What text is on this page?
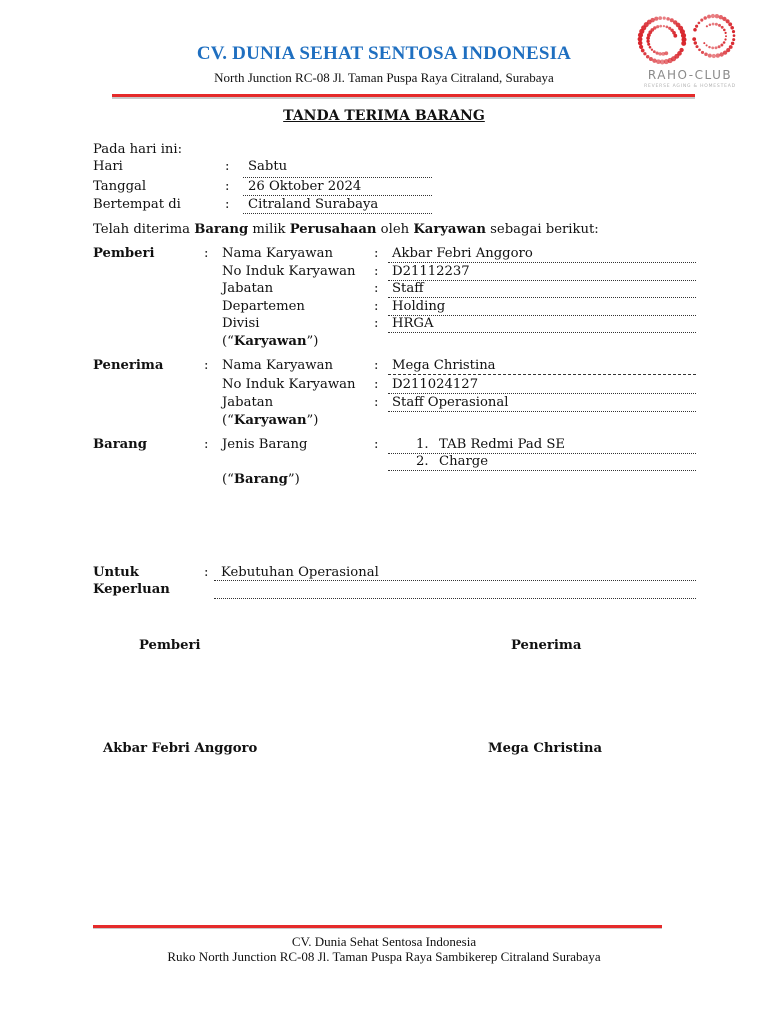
CV. DUNIA SEHAT SENTOSA INDONESIA
North Junction RC-08 Jl. Taman Puspa Raya Citraland, Surabaya	RAHO-CLUB
REVERSE AGING & HOMESTEAD
TANDA TERIMA BARANG
Pada hari ini:
Hari	: Sabtu
Tanggal	: 26 Oktober 2024
Bertempat di	: Citraland Surabaya
Telah diterima Barang milik Perusahaan oleh Karyawan sebagai berikut:
Pemberi	: Nama Karyawan	: Akbar Febri Anggoro
No Induk Karyawan : D21112237
Jabatan	: Staff
Departemen	: Holding
Divisi	: HRGA
(“Karyawan”)
Penerima	: Nama Karyawan	: Mega Christina
No Induk Karyawan : D211024127
Jabatan	: Staff Operasional
(“Karyawan”)
Barang	: Jenis Barang	:	1. TAB Redmi Pad SE
2. Charge
(“Barang”)
Untuk
Keperluan
: Kebutuhan Operasional
Pemberi	Penerima
Akbar Febri Anggoro	Mega Christina
CV. Dunia Sehat Sentosa Indonesia
Ruko North Junction RC-08 Jl. Taman Puspa Raya Sambikerep Citraland Surabaya
